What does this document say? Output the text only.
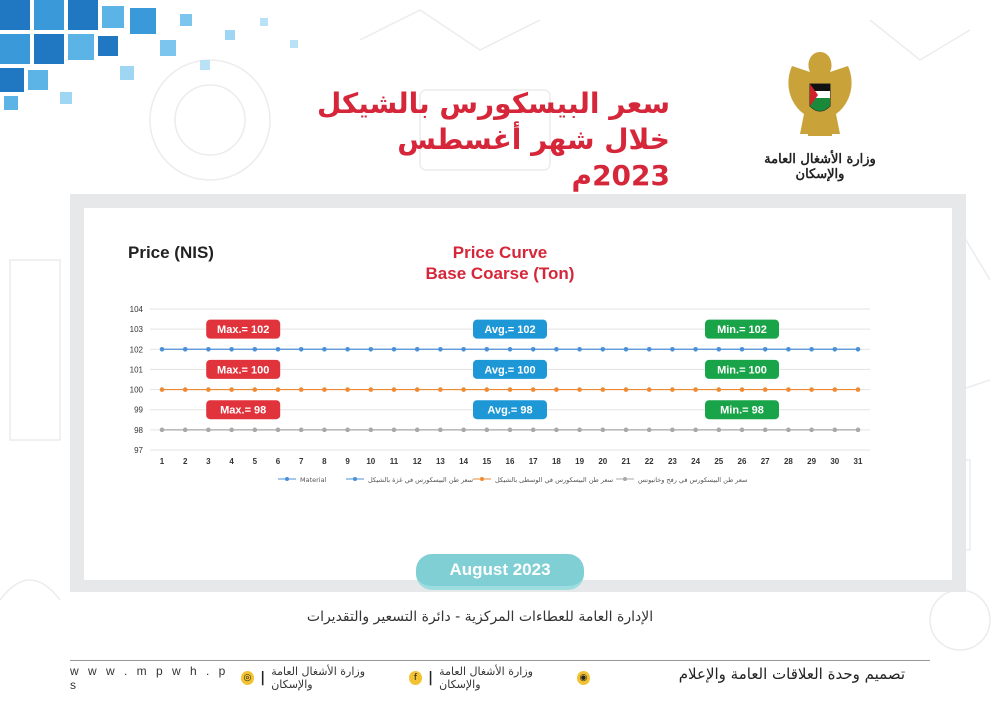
سعر البيسكورس بالشيكل
خلال شهر أغسطس 2023م	وزارة الأشغال العامة والإسكان
Price (NIS)	Price Curve
Base Coarse (Ton)
97
98
99
100
101
102
103
104
1 2 3 4 5 6 7 8 9 10 11 12 13 14 15 16 17 18 19 20 21 22 23 24 25 26 27 28 29 30 31
Max.= 102	Avg.= 102	Min.= 102
Max.= 100	Avg.= 100	Min.= 100
Max.= 98	Avg.= 98	Min.= 98
Material	سعر طن البيسكورس في غزة بالشيكل	سعر طن البيسكورس في الوسطى بالشيكل	سعر طن البيسكورس في رفح وخانيونس
August 2023
الإدارة العامة للعطاءات المركزية - دائرة التسعير والتقديرات
w w w . m p w h . p s	◎ | وزارة الأشغال العامة والإسكان	f | وزارة الأشغال العامة والإسكان	◉	تصميم وحدة العلاقات العامة والإعلام
